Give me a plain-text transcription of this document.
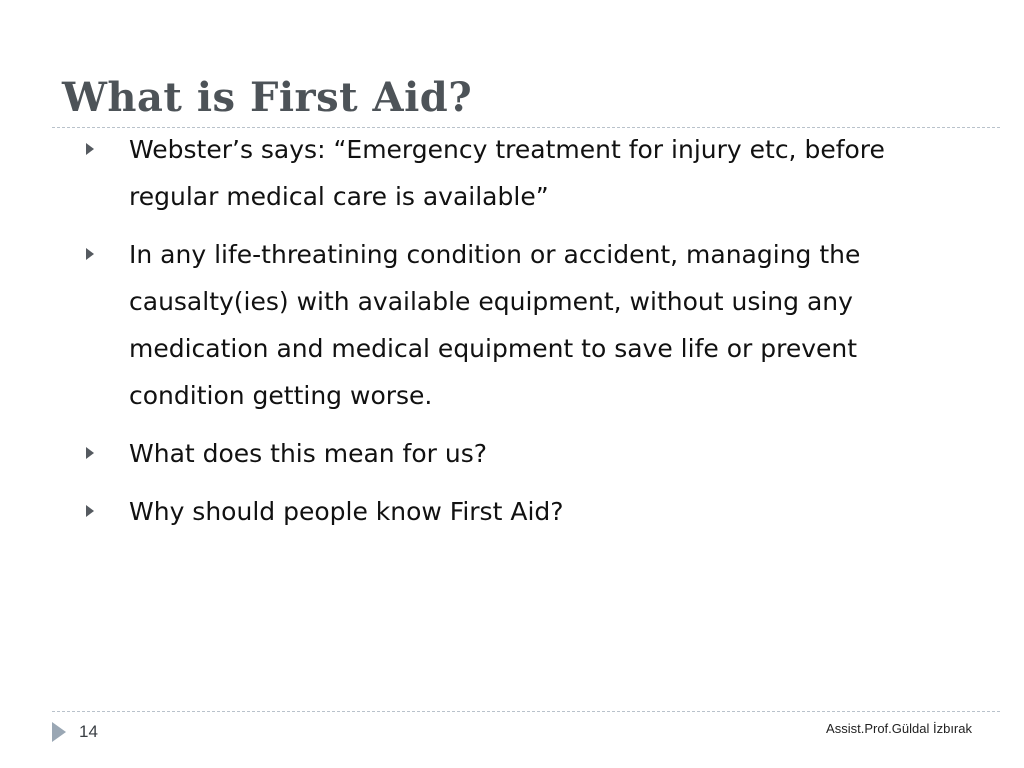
What is First Aid?
Webster’s says: “Emergency treatment for injury etc, before regular medical care is available”
In any life-threatining condition or accident, managing the causalty(ies) with available equipment, without using any medication and medical equipment to save life or prevent condition getting worse.
What does this mean for us?
Why should people know First Aid?
14	Assist.Prof.Güldal İzbırak
